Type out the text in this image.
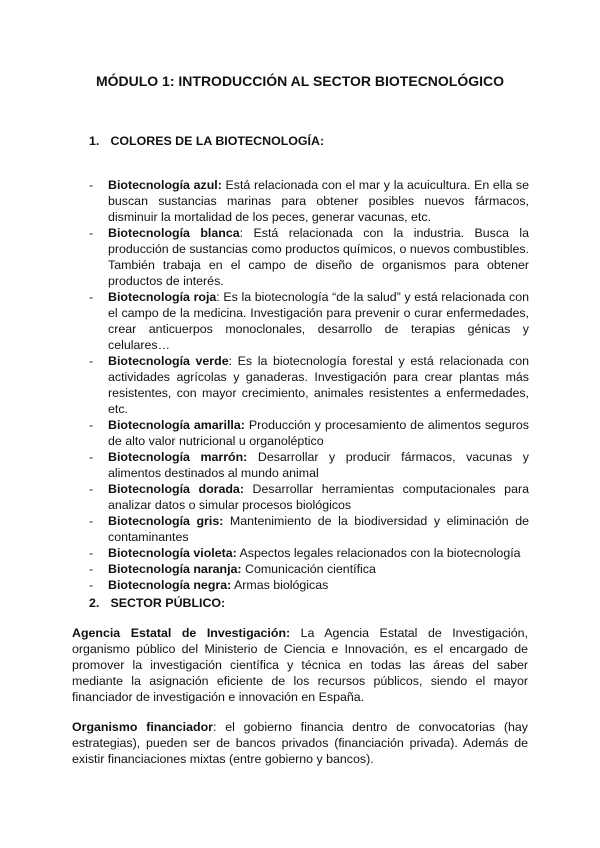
MÓDULO 1: INTRODUCCIÓN AL SECTOR BIOTECNOLÓGICO
1. COLORES DE LA BIOTECNOLOGÍA:
- Biotecnología azul: Está relacionada con el mar y la acuicultura. En ella se buscan sustancias marinas para obtener posibles nuevos fármacos, disminuir la mortalidad de los peces, generar vacunas, etc.
- Biotecnología blanca: Está relacionada con la industria. Busca la producción de sustancias como productos químicos, o nuevos combustibles. También trabaja en el campo de diseño de organismos para obtener productos de interés.
- Biotecnología roja: Es la biotecnología “de la salud” y está relacionada con el campo de la medicina. Investigación para prevenir o curar enfermedades, crear anticuerpos monoclonales, desarrollo de terapias génicas y celulares…
- Biotecnología verde: Es la biotecnología forestal y está relacionada con actividades agrícolas y ganaderas. Investigación para crear plantas más resistentes, con mayor crecimiento, animales resistentes a enfermedades, etc.
- Biotecnología amarilla: Producción y procesamiento de alimentos seguros de alto valor nutricional u organoléptico
- Biotecnología marrón: Desarrollar y producir fármacos, vacunas y alimentos destinados al mundo animal
- Biotecnología dorada: Desarrollar herramientas computacionales para analizar datos o simular procesos biológicos
- Biotecnología gris: Mantenimiento de la biodiversidad y eliminación de contaminantes
- Biotecnología violeta: Aspectos legales relacionados con la biotecnología
- Biotecnología naranja: Comunicación científica
- Biotecnología negra: Armas biológicas
2. SECTOR PÚBLICO:

Agencia Estatal de Investigación: La Agencia Estatal de Investigación, organismo público del Ministerio de Ciencia e Innovación, es el encargado de promover la investigación científica y técnica en todas las áreas del saber mediante la asignación eficiente de los recursos públicos, siendo el mayor financiador de investigación e innovación en España.

Organismo financiador: el gobierno financia dentro de convocatorias (hay estrategias), pueden ser de bancos privados (financiación privada). Además de existir financiaciones mixtas (entre gobierno y bancos).
